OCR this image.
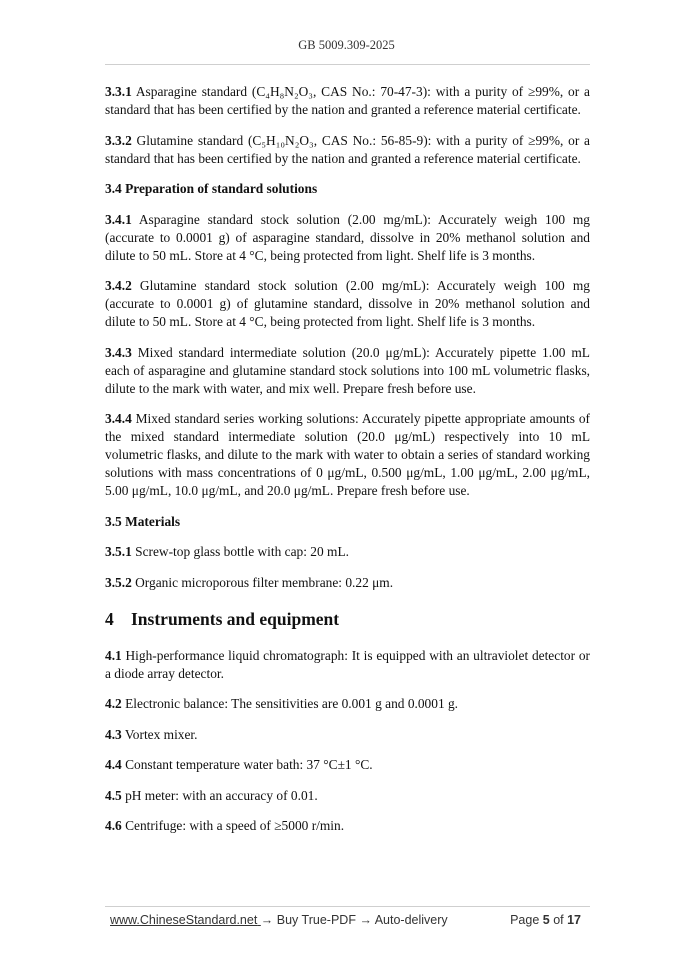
GB 5009.309-2025

3.3.1 Asparagine standard (C₄H₈N₂O₃, CAS No.: 70-47-3): with a purity of ≥99%, or a standard that has been certified by the nation and granted a reference material certificate.

3.3.2 Glutamine standard (C₅H₁₀N₂O₃, CAS No.: 56-85-9): with a purity of ≥99%, or a standard that has been certified by the nation and granted a reference material certificate.

3.4 Preparation of standard solutions

3.4.1 Asparagine standard stock solution (2.00 mg/mL): Accurately weigh 100 mg (accurate to 0.0001 g) of asparagine standard, dissolve in 20% methanol solution and dilute to 50 mL. Store at 4 °C, being protected from light. Shelf life is 3 months.

3.4.2 Glutamine standard stock solution (2.00 mg/mL): Accurately weigh 100 mg (accurate to 0.0001 g) of glutamine standard, dissolve in 20% methanol solution and dilute to 50 mL. Store at 4 °C, being protected from light. Shelf life is 3 months.

3.4.3 Mixed standard intermediate solution (20.0 μg/mL): Accurately pipette 1.00 mL each of asparagine and glutamine standard stock solutions into 100 mL volumetric flasks, dilute to the mark with water, and mix well. Prepare fresh before use.

3.4.4 Mixed standard series working solutions: Accurately pipette appropriate amounts of the mixed standard intermediate solution (20.0 μg/mL) respectively into 10 mL volumetric flasks, and dilute to the mark with water to obtain a series of standard working solutions with mass concentrations of 0 μg/mL, 0.500 μg/mL, 1.00 μg/mL, 2.00 μg/mL, 5.00 μg/mL, 10.0 μg/mL, and 20.0 μg/mL. Prepare fresh before use.

3.5 Materials

3.5.1 Screw-top glass bottle with cap: 20 mL.

3.5.2 Organic microporous filter membrane: 0.22 μm.

4 Instruments and equipment

4.1 High-performance liquid chromatograph: It is equipped with an ultraviolet detector or a diode array detector.

4.2 Electronic balance: The sensitivities are 0.001 g and 0.0001 g.

4.3 Vortex mixer.

4.4 Constant temperature water bath: 37 °C±1 °C.

4.5 pH meter: with an accuracy of 0.01.

4.6 Centrifuge: with a speed of ≥5000 r/min.

www.ChineseStandard.net → Buy True-PDF → Auto-delivery	Page 5 of 17
